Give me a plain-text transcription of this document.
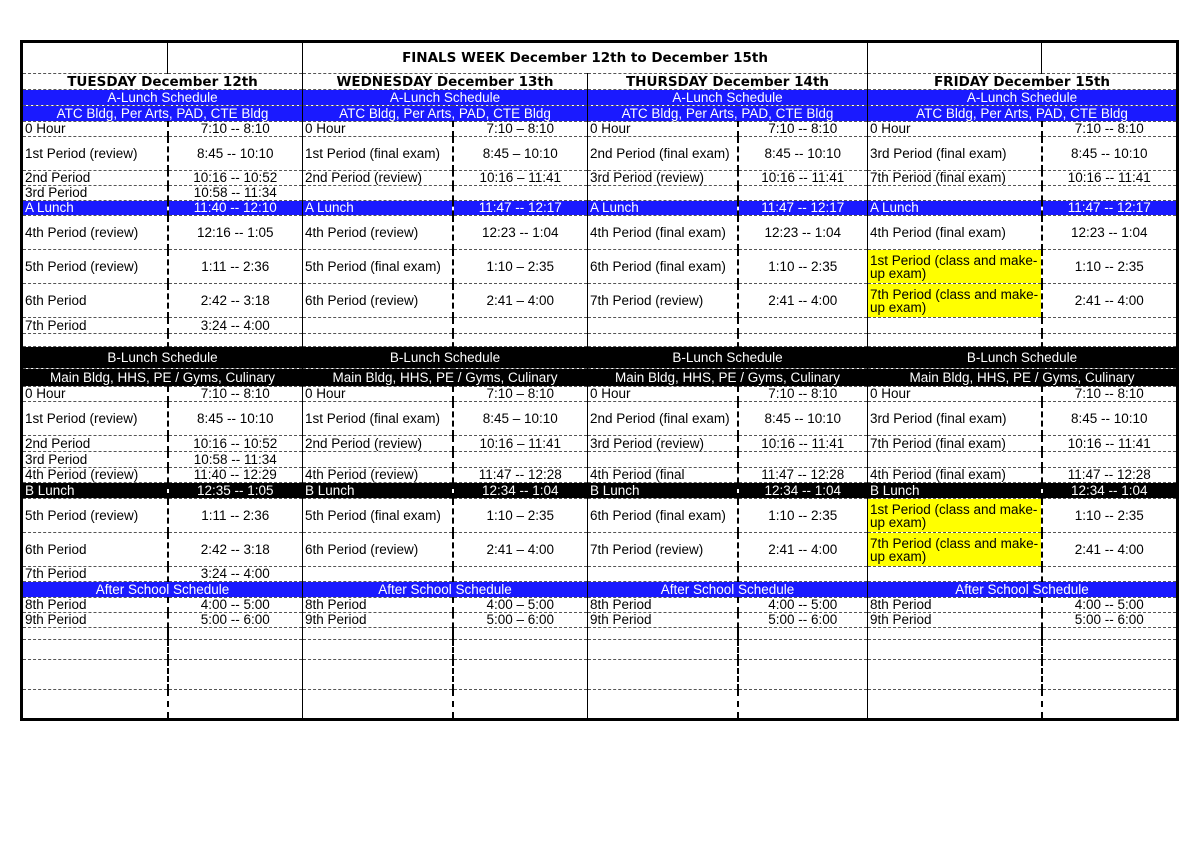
		FINALS WEEK December 12th to December 15th					
TUESDAY December 12th		WEDNESDAY December 13th		THURSDAY December 14th		FRIDAY December 15th	
A-Lunch Schedule		A-Lunch Schedule		A-Lunch Schedule		A-Lunch Schedule	
ATC Bldg, Per Arts, PAD, CTE Bldg		ATC Bldg, Per Arts, PAD, CTE Bldg		ATC Bldg, Per Arts, PAD, CTE Bldg		ATC Bldg, Per Arts, PAD, CTE Bldg	
0 Hour	7:10 -- 8:10	0 Hour	7:10 – 8:10	0 Hour	7:10 -- 8:10	0 Hour	7:10 -- 8:10
1st Period (review)	8:45 -- 10:10	1st Period (final exam)	8:45 – 10:10	2nd Period (final exam)	8:45 -- 10:10	3rd Period (final exam)	8:45 -- 10:10
2nd Period	10:16 -- 10:52	2nd Period (review)	10:16 – 11:41	3rd Period (review)	10:16 -- 11:41	7th Period (final exam)	10:16 -- 11:41
3rd Period	10:58 -- 11:34						
A Lunch	11:40 -- 12:10	A Lunch	11:47 -- 12:17	A Lunch	11:47 -- 12:17	A Lunch	11:47 -- 12:17
4th Period (review)	12:16 -- 1:05	4th Period (review)	12:23 -- 1:04	4th Period (final exam)	12:23 -- 1:04	4th Period (final exam)	12:23 -- 1:04
5th Period (review)	1:11 -- 2:36	5th Period (final exam)	1:10 – 2:35	6th Period (final exam)	1:10 -- 2:35	1st Period (class and make-up exam)	1:10 -- 2:35
6th Period	2:42 -- 3:18	6th Period (review)	2:41 – 4:00	7th Period (review)	2:41 -- 4:00	7th Period (class and make-up exam)	2:41 -- 4:00
7th Period	3:24 -- 4:00						

B-Lunch Schedule		B-Lunch Schedule		B-Lunch Schedule		B-Lunch Schedule	
Main Bldg, HHS, PE / Gyms, Culinary		Main Bldg, HHS, PE / Gyms, Culinary		Main Bldg, HHS, PE / Gyms, Culinary		Main Bldg, HHS, PE / Gyms, Culinary	
0 Hour	7:10 -- 8:10	0 Hour	7:10 – 8:10	0 Hour	7:10 -- 8:10	0 Hour	7:10 -- 8:10
1st Period (review)	8:45 -- 10:10	1st Period (final exam)	8:45 – 10:10	2nd Period (final exam)	8:45 -- 10:10	3rd Period (final exam)	8:45 -- 10:10
2nd Period	10:16 -- 10:52	2nd Period (review)	10:16 – 11:41	3rd Period (review)	10:16 -- 11:41	7th Period (final exam)	10:16 -- 11:41
3rd Period	10:58 -- 11:34						
4th Period (review)	11:40 -- 12:29	4th Period (review)	11:47 -- 12:28	4th Period (final	11:47 -- 12:28	4th Period (final exam)	11:47 -- 12:28
B Lunch	12:35 -- 1:05	B Lunch	12:34 -- 1:04	B Lunch	12:34 -- 1:04	B Lunch	12:34 -- 1:04
5th Period (review)	1:11 -- 2:36	5th Period (final exam)	1:10 – 2:35	6th Period (final exam)	1:10 -- 2:35	1st Period (class and make-up exam)	1:10 -- 2:35
6th Period	2:42 -- 3:18	6th Period (review)	2:41 – 4:00	7th Period (review)	2:41 -- 4:00	7th Period (class and make-up exam)	2:41 -- 4:00
7th Period	3:24 -- 4:00						
After School Schedule		After School Schedule		After School Schedule		After School Schedule	
8th Period	4:00 -- 5:00	8th Period	4:00 – 5:00	8th Period	4:00 -- 5:00	8th Period	4:00 -- 5:00
9th Period	5:00 -- 6:00	9th Period	5:00 – 6:00	9th Period	5:00 -- 6:00	9th Period	5:00 -- 6:00
